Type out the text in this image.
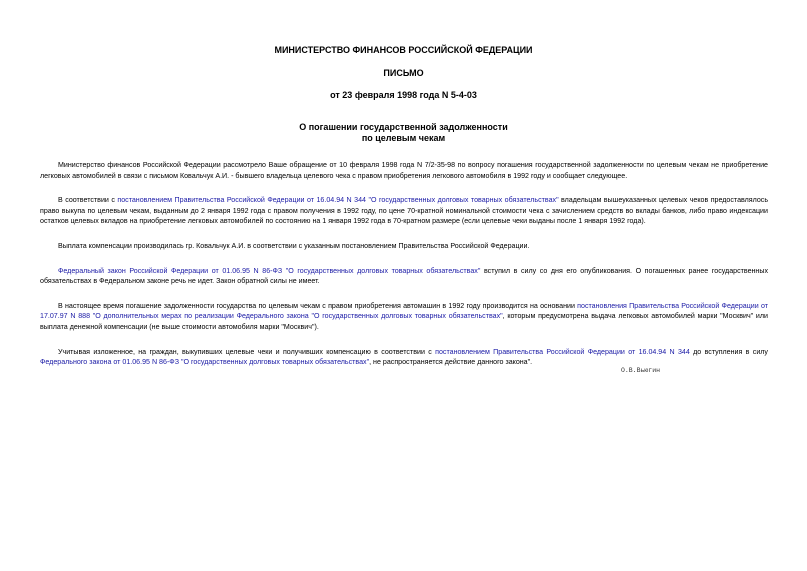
МИНИСТЕРСТВО ФИНАНСОВ РОССИЙСКОЙ ФЕДЕРАЦИИ
ПИСЬМО
от 23 февраля 1998 года N 5-4-03
О погашении государственной задолженности
по целевым чекам

Министерство финансов Российской Федерации рассмотрело Ваше обращение от 10 февраля 1998 года N 7/2-35-98 по вопросу погашения государственной задолженности по целевым чекам не приобретение легковых автомобилей в связи с письмом Ковальчук А.И. - бывшего владельца целевого чека с правом приобретения легкового автомобиля в 1992 году и сообщает следующее.

В соответствии с постановлением Правительства Российской Федерации от 16.04.94 N 344 "О государственных долговых товарных обязательствах" владельцам вышеуказанных целевых чеков предоставлялось право выкупа по целевым чекам, выданным до 2 января 1992 года с правом получения в 1992 году, по цене 70-кратной номинальной стоимости чека с зачислением средств во вклады банков, либо право индексации остатков целевых вкладов на приобретение легковых автомобилей по состоянию на 1 января 1992 года в 70-кратном размере (если целевые чеки выданы после 1 января 1992 года).

Выплата компенсации производилась гр. Ковальчук А.И. в соответствии с указанным постановлением Правительства Российской Федерации.

Федеральный закон Российской Федерации от 01.06.95 N 86-ФЗ "О государственных долговых товарных обязательствах" вступил в силу со дня его опубликования. О погашенных ранее государственных обязательствах в Федеральном законе речь не идет. Закон обратной силы не имеет.

В настоящее время погашение задолженности государства по целевым чекам с правом приобретения автомашин в 1992 году производится на основании постановления Правительства Российской Федерации от 17.07.97 N 888 "О дополнительных мерах по реализации Федерального закона "О государственных долговых товарных обязательствах", которым предусмотрена выдача легковых автомобилей марки "Москвич" или выплата денежной компенсации (не выше стоимости автомобиля марки "Москвич").

Учитывая изложенное, на граждан, выкупивших целевые чеки и получивших компенсацию в соответствии с постановлением Правительства Российской Федерации от 16.04.94 N 344 до вступления в силу Федерального закона от 01.06.95 N 86-ФЗ "О государственных долговых товарных обязательствах", не распространяется действие данного закона".

О.В.Вьюгин
